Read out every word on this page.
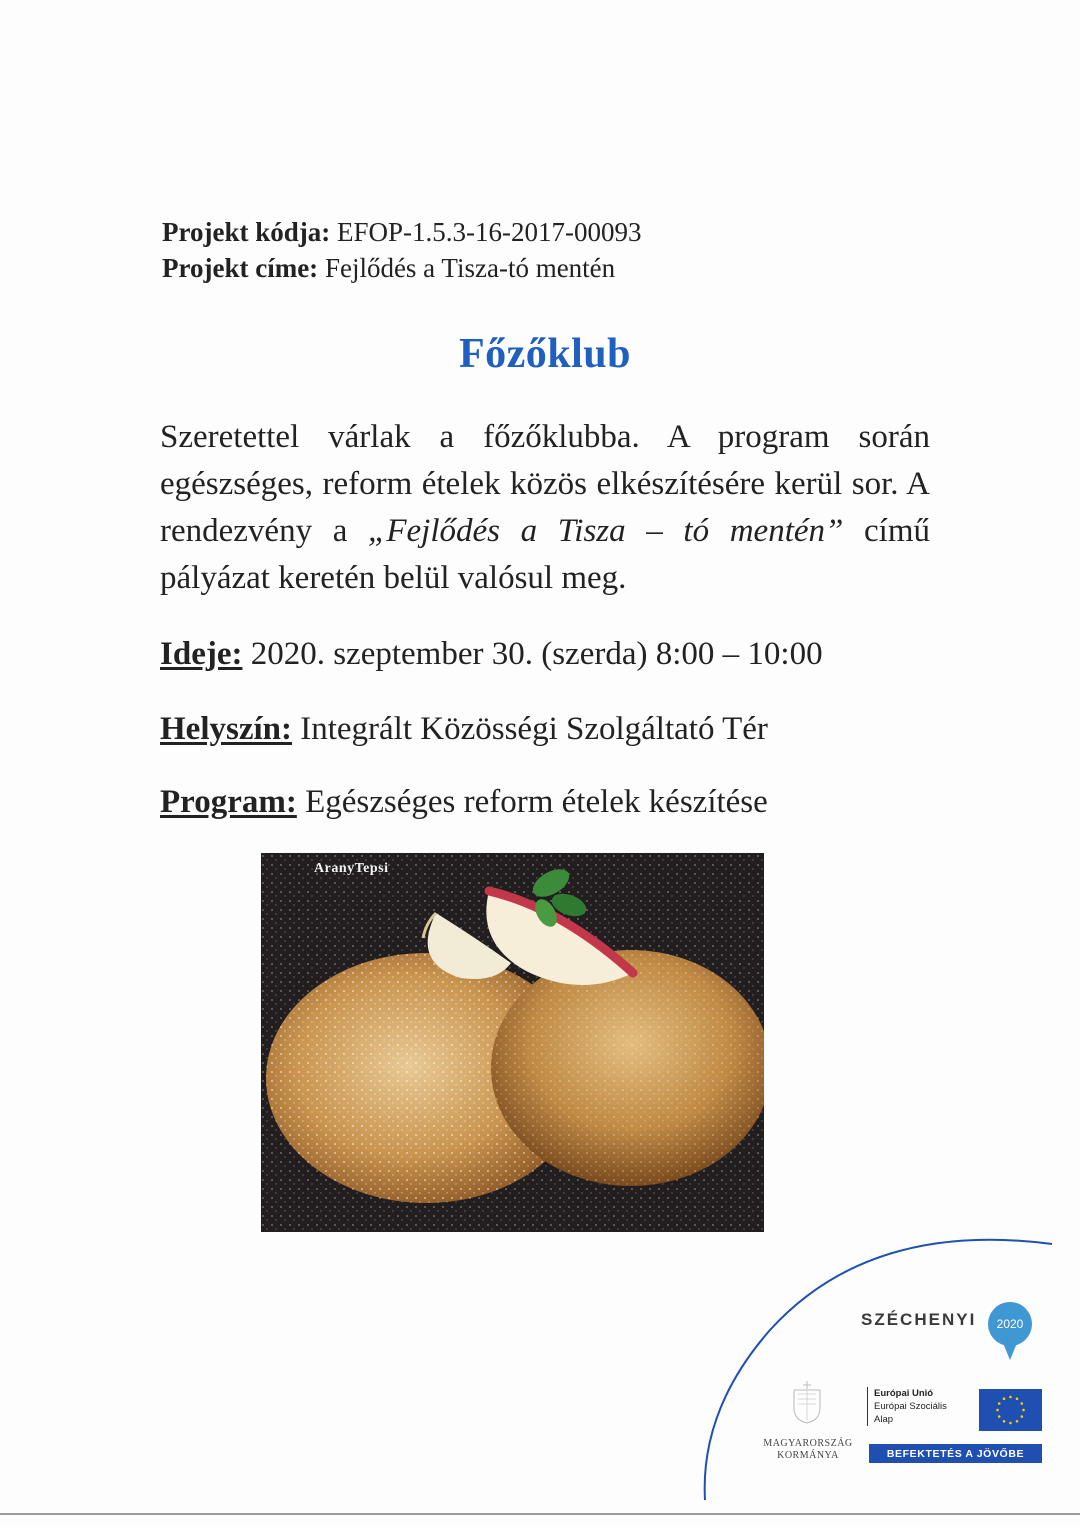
Projekt kódja: EFOP-1.5.3-16-2017-00093
Projekt címe: Fejlődés a Tisza-tó mentén
Főzőklub
Szeretettel várlak a főzőklubba. A program során egészséges, reform ételek közös elkészítésére kerül sor. A rendezvény a „Fejlődés a Tisza – tó mentén” című pályázat keretén belül valósul meg.
Ideje: 2020. szeptember 30. (szerda) 8:00 – 10:00
Helyszín: Integrált Közösségi Szolgáltató Tér
Program: Egészséges reform ételek készítése
AranyTepsi
SZÉCHENYI 2020
MAGYARORSZÁG KORMÁNYA
Európai Unió
Európai Szociális
Alap
BEFEKTETÉS A JÖVŐBE
